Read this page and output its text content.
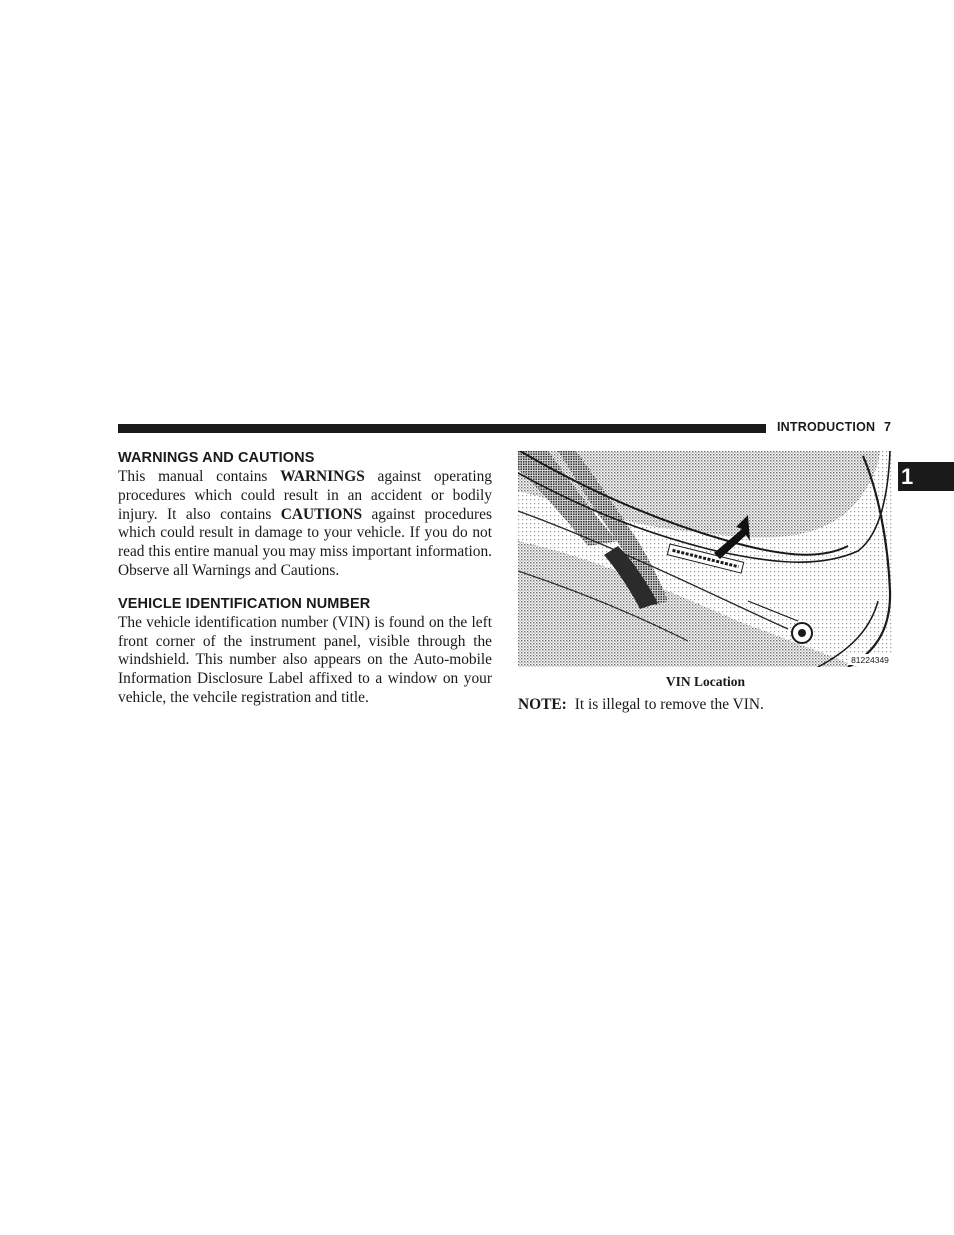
INTRODUCTION 7
1
WARNINGS AND CAUTIONS

This manual contains WARNINGS against operating procedures which could result in an accident or bodily injury. It also contains CAUTIONS against procedures which could result in damage to your vehicle. If you do not read this entire manual you may miss important information. Observe all Warnings and Cautions.

VEHICLE IDENTIFICATION NUMBER

The vehicle identification number (VIN) is found on the left front corner of the instrument panel, visible through the windshield. This number also appears on the Auto-mobile Information Disclosure Label affixed to a window on your vehicle, the vehcile registration and title.

81224349
VIN Location
NOTE: It is illegal to remove the VIN.
